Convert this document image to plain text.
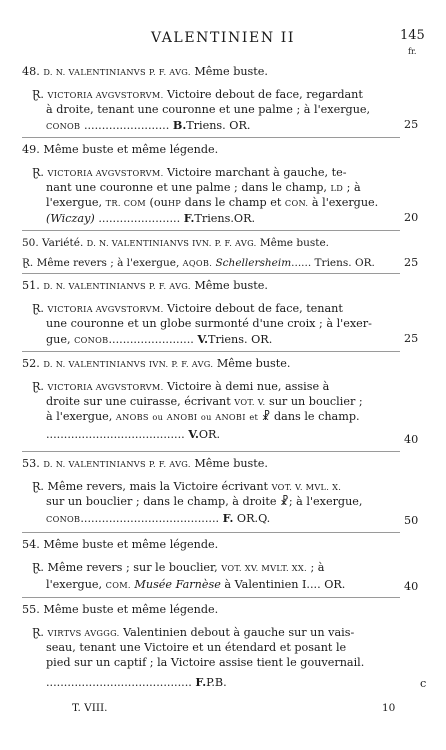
VALENTINIEN II	145
fr.
48. D. N. VALENTINIANVS P. F. AVG. Même buste.
Ɽ. VICTORIA AVGVSTORVM. Victoire debout de face, regardant
à droite, tenant une couronne et une palme ; à l'exergue,
CONOB ........................ B.Triens. OR.	25
49. Même buste et même légende.
Ɽ. VICTORIA AVGVSTORVM. Victoire marchant à gauche, te-
nant une couronne et une palme ; dans le champ, LD ; à
l'exergue, TR. COM (ouHP dans le champ et CON. à l'exergue.
(Wiczay) ....................... F.Triens.OR.	20
50. Variété. D. N. VALENTINIANVS IVN. P. F. AVG. Même buste.
Ɽ. Même revers ; à l'exergue, AQOB. Schellersheim...... Triens. OR.	25
51. D. N. VALENTINIANVS P. F. AVG. Même buste.
Ɽ. VICTORIA AVGVSTORVM. Victoire debout de face, tenant
une couronne et un globe surmonté d'une croix ; à l'exer-
gue, CONOB........................ V.Triens. OR.	25
52. D. N. VALENTINIANVS IVN. P. F. AVG. Même buste.
Ɽ. VICTORIA AVGVSTORVM. Victoire à demi nue, assise à
droite sur une cuirasse, écrivant VOT. V. sur un bouclier ;
à l'exergue, ANOBS ou ANOBI ou ANOBI et ☧ dans le champ.
....................................... V.OR.	40
53. D. N. VALENTINIANVS P. F. AVG. Même buste.
Ɽ. Même revers, mais la Victoire écrivant VOT. V. MVL. X.
sur un bouclier ; dans le champ, à droite ☧; à l'exergue,
CONOB....................................... F. OR.Q.	50
54. Même buste et même légende.
Ɽ. Même revers ; sur le bouclier, VOT. XV. MVLT. XX. ; à
l'exergue, COM. Musée Farnèse à Valentinien I.... OR.	40
55. Même buste et même légende.
Ɽ. VIRTVS AVGGG. Valentinien debout à gauche sur un vais-
seau, tenant une Victoire et un étendard et posant le
pied sur un captif ; la Victoire assise tient le gouvernail.
......................................... F.P.B.	c
T. VIII.	10
